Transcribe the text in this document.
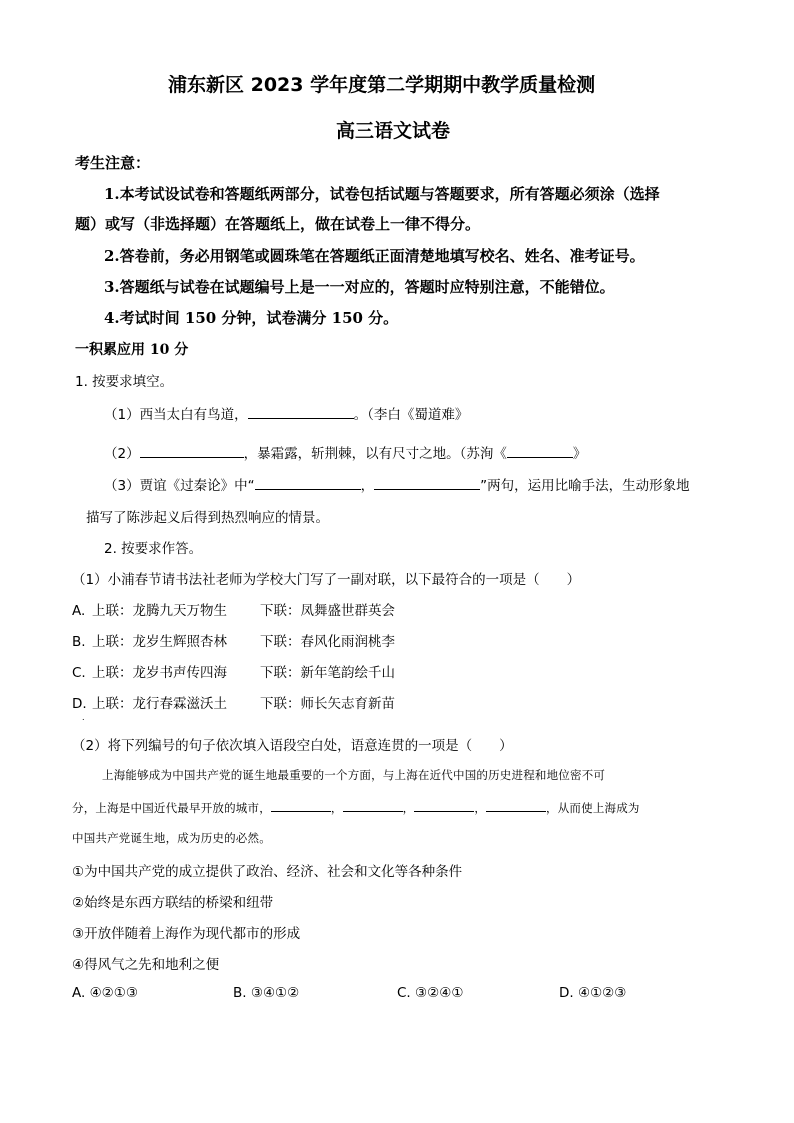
浦东新区 2023 学年度第二学期期中教学质量检测
高三语文试卷
考生注意：
1.本考试设试卷和答题纸两部分，试卷包括试题与答题要求，所有答题必须涂（选择
题）或写（非选择题）在答题纸上，做在试卷上一律不得分。
2.答卷前，务必用钢笔或圆珠笔在答题纸正面清楚地填写校名、姓名、准考证号。
3.答题纸与试卷在试题编号上是一一对应的，答题时应特别注意，不能错位。
4.考试时间 150 分钟，试卷满分 150 分。
一积累应用 10 分
1. 按要求填空。
（1）西当太白有鸟道，	。（李白《蜀道难》
（2）	，暴霜露，斩荆棘，以有尺寸之地。（苏洵《	》
（3）贾谊《过秦论》中“	，	”两句，运用比喻手法，生动形象地
描写了陈涉起义后得到热烈响应的情景。
2. 按要求作答。
（1）小浦春节请书法社老师为学校大门写了一副对联，以下最符合的一项是（　　）
A. 上联：龙腾九天万物生 下联：凤舞盛世群英会
B. 上联：龙岁生辉照杏林 下联：春风化雨润桃李
C. 上联：龙岁书声传四海 下联：新年笔韵绘千山
D. 上联：龙行春霖滋沃土 下联：师长矢志育新苗
.
（2）将下列编号的句子依次填入语段空白处，语意连贯的一项是（　　）
上海能够成为中国共产党的诞生地最重要的一个方面，与上海在近代中国的历史进程和地位密不可
分，上海是中国近代最早开放的城市，	，	，	，	，从而使上海成为
中国共产党诞生地，成为历史的必然。
①为中国共产党的成立提供了政治、经济、社会和文化等各种条件
②始终是东西方联结的桥梁和纽带
③开放伴随着上海作为现代都市的形成
④得风气之先和地利之便
A. ④②①③	B. ③④①②	C. ③②④①	D. ④①②③
